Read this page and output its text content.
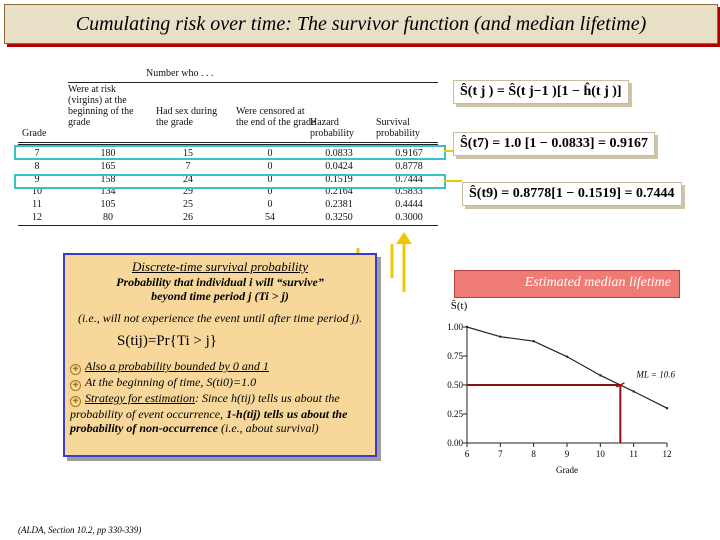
Cumulating risk over time: The survivor function (and median lifetime)
Number who . . .
Grade
Were at risk (virgins) at the beginning of the grade
Had sex during the grade
Were censored at the end of the grade
Hazard probability
Survival probability
7	180	15	0	0.0833	0.9167
8	165	7	0	0.0424	0.8778
9	158	24	0	0.1519	0.7444
10	134	29	0	0.2164	0.5833
11	105	25	0	0.2381	0.4444
12	80	26	54	0.3250	0.3000
Ŝ(t j ) = Ŝ(t j−1 )[1 − ĥ(t j )]
Ŝ(t7) = 1.0 [1 − 0.0833] = 0.9167
Ŝ(t9) = 0.8778[1 − 0.1519] = 0.7444
Discrete-time survival probability
Probability that individual i will “survive”
beyond time period j (Ti > j)
(i.e., will not experience the event until after time period j).
S(tij)=Pr{Ti > j}
✚ Also a probability bounded by 0 and 1
✚ At the beginning of time, S(ti0)=1.0
✚ Strategy for estimation: Since h(tij) tells us about the probability of event occurrence, 1-h(tij) tells us about the probability of non-occurrence (i.e., about survival)
Estimated median lifetime
0.00
0.25
0.50
0.75
1.00
6	7	8	9	10	11	12
Grade
Ŝ(t)
ML = 10.6
(ALDA, Section 10.2, pp 330-339)
